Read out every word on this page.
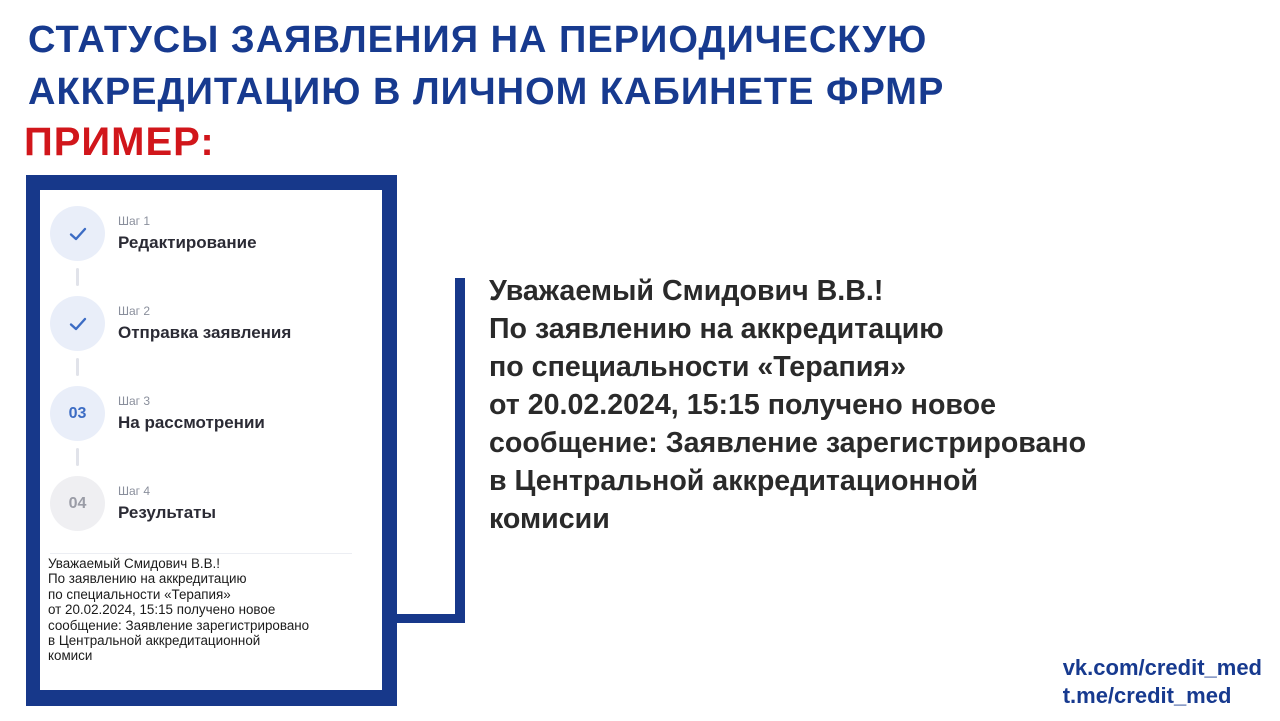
СТАТУСЫ ЗАЯВЛЕНИЯ НА ПЕРИОДИЧЕСКУЮ
АККРЕДИТАЦИЮ В ЛИЧНОМ КАБИНЕТЕ ФРМР
ПРИМЕР:
Шаг 1
Редактирование
Шаг 2
Отправка заявления
03
Шаг 3
На рассмотрении
04
Шаг 4
Результаты
Уважаемый Смидович В.В.!
По заявлению на аккредитацию
по специальности «Терапия»
от 20.02.2024, 15:15 получено новое
сообщение: Заявление зарегистрировано
в Центральной аккредитационной
комиси
Уважаемый Смидович В.В.!
По заявлению на аккредитацию
по специальности «Терапия»
от 20.02.2024, 15:15 получено новое
сообщение: Заявление зарегистрировано
в Центральной аккредитационной
комисии
vk.com/credit_med
t.me/credit_med
